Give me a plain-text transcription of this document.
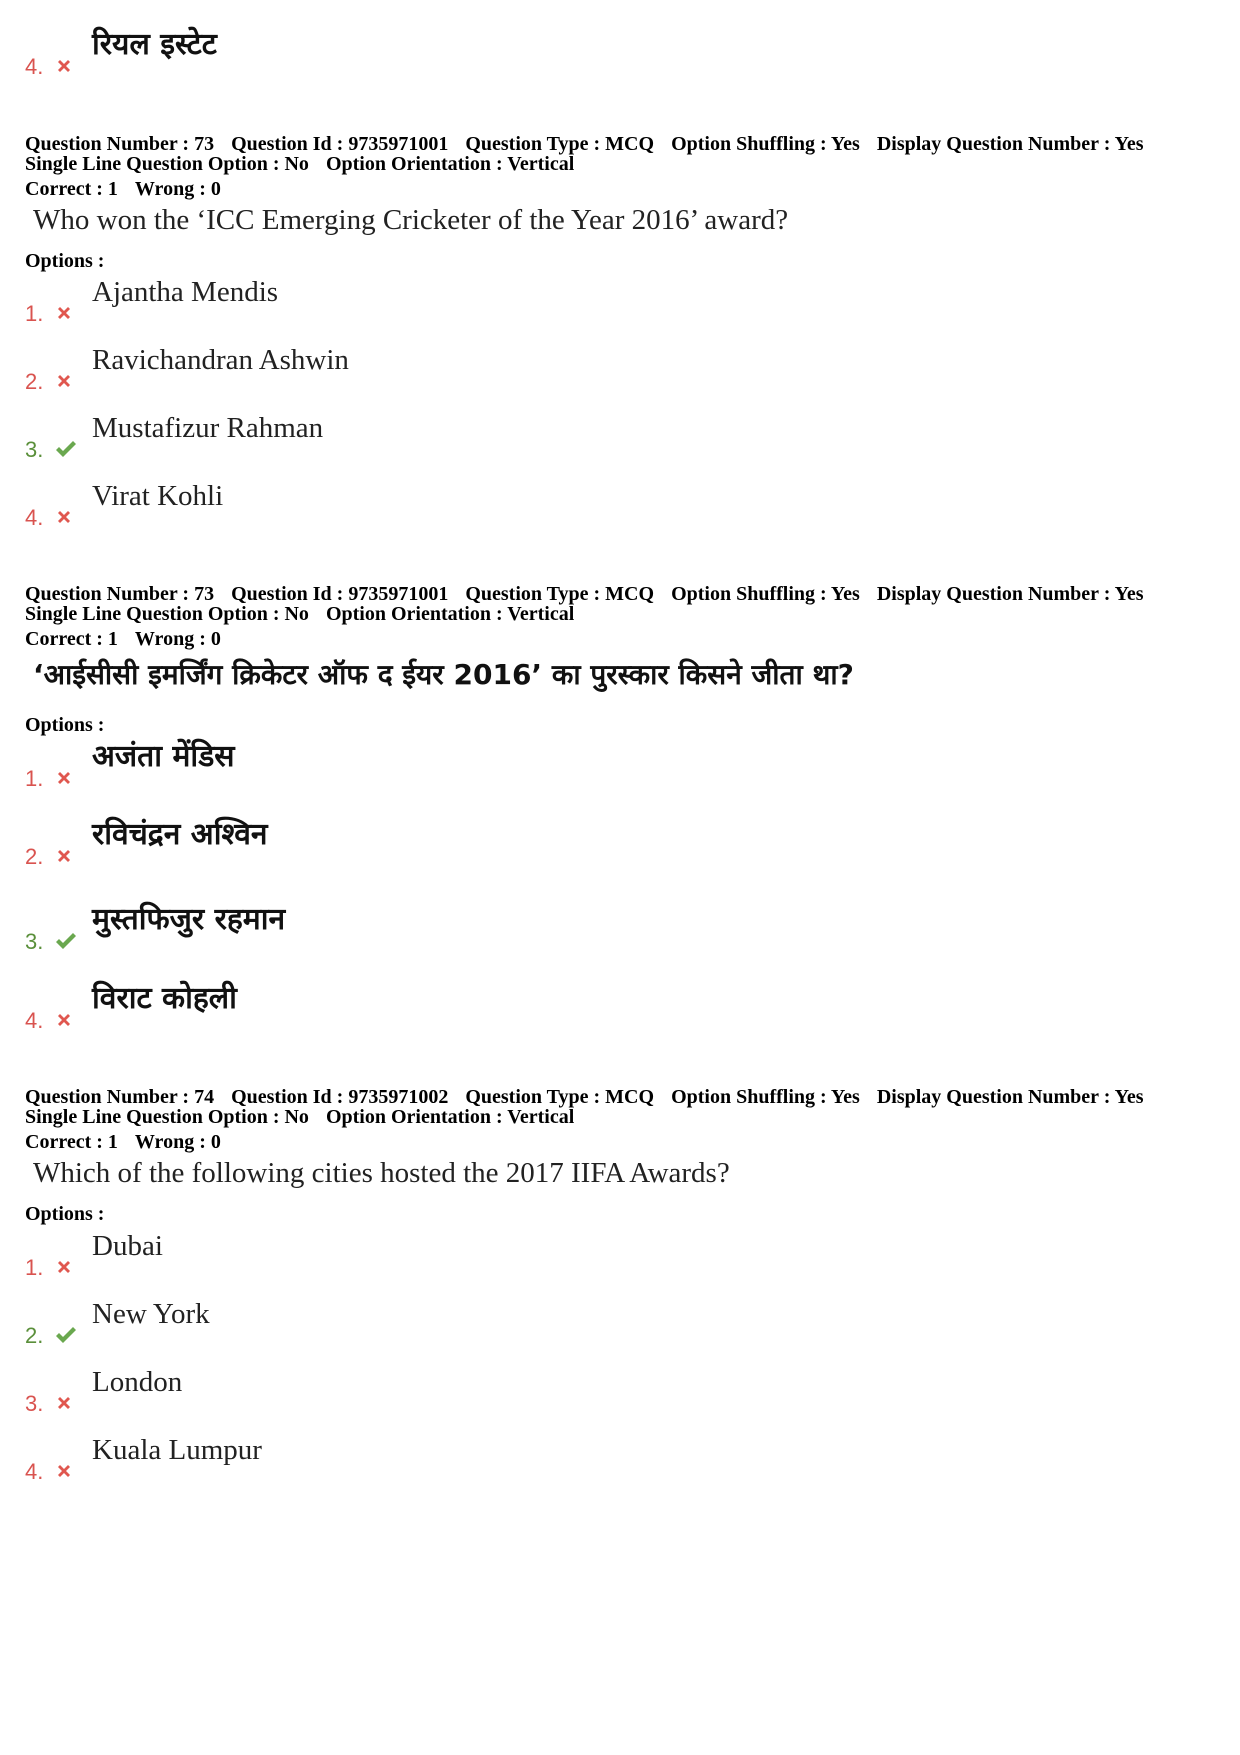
4.
रियल इस्टेट
Question Number : 73 Question Id : 9735971001 Question Type : MCQ Option Shuffling : Yes Display Question Number : Yes
Single Line Question Option : No Option Orientation : Vertical
Correct : 1 Wrong : 0
Who won the ‘ICC Emerging Cricketer of the Year 2016’ award?
Options :
1.
Ajantha Mendis
2.
Ravichandran Ashwin
3.
Mustafizur Rahman
4.
Virat Kohli
Question Number : 73 Question Id : 9735971001 Question Type : MCQ Option Shuffling : Yes Display Question Number : Yes
Single Line Question Option : No Option Orientation : Vertical
Correct : 1 Wrong : 0
‘आईसीसी इमर्जिंग क्रिकेटर ऑफ द ईयर 2016’ का पुरस्कार किसने जीता था?
Options :
1.
अजंता मेंडिस
2.
रविचंद्रन अश्विन
3.
मुस्तफिजुर रहमान
4.
विराट कोहली
Question Number : 74 Question Id : 9735971002 Question Type : MCQ Option Shuffling : Yes Display Question Number : Yes
Single Line Question Option : No Option Orientation : Vertical
Correct : 1 Wrong : 0
Which of the following cities hosted the 2017 IIFA Awards?
Options :
1.
Dubai
2.
New York
3.
London
4.
Kuala Lumpur
